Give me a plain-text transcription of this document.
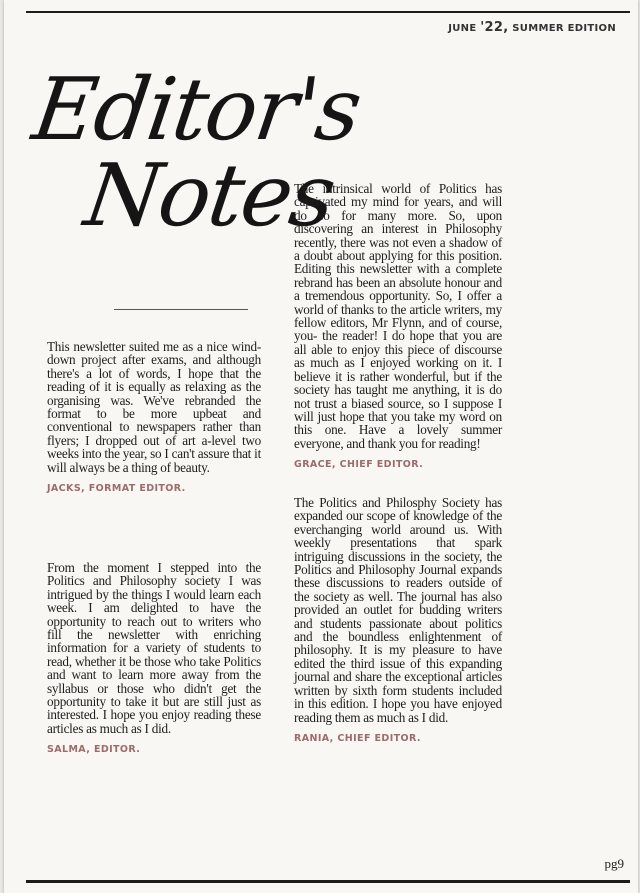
JUNE '22, SUMMER EDITION
Editor's
Notes
This newsletter suited me as a nice wind-down project after exams, and although there's a lot of words, I hope that the reading of it is equally as relaxing as the organising was. We've rebranded the format to be more upbeat and conventional to newspapers rather than flyers; I dropped out of art a-level two weeks into the year, so I can't assure that it will always be a thing of beauty.
JACKS, FORMAT EDITOR.
From the moment I stepped into the Politics and Philosophy society I was intrigued by the things I would learn each week. I am delighted to have the opportunity to reach out to writers who fill the newsletter with enriching information for a variety of students to read, whether it be those who take Politics and want to learn more away from the syllabus or those who didn't get the opportunity to take it but are still just as interested. I hope you enjoy reading these articles as much as I did.
SALMA, EDITOR.
The intrinsical world of Politics has captivated my mind for years, and will do so for many more. So, upon discovering an interest in Philosophy recently, there was not even a shadow of a doubt about applying for this position. Editing this newsletter with a complete rebrand has been an absolute honour and a tremendous opportunity. So, I offer a world of thanks to the article writers, my fellow editors, Mr Flynn, and of course, you- the reader! I do hope that you are all able to enjoy this piece of discourse as much as I enjoyed working on it. I believe it is rather wonderful, but if the society has taught me anything, it is do not trust a biased source, so I suppose I will just hope that you take my word on this one. Have a lovely summer everyone, and thank you for reading!
GRACE, CHIEF EDITOR.
The Politics and Philosphy Society has expanded our scope of knowledge of the everchanging world around us. With weekly presentations that spark intriguing discussions in the society, the Politics and Philosophy Journal expands these discussions to readers outside of the society as well. The journal has also provided an outlet for budding writers and students passionate about politics and the boundless enlightenment of philosophy. It is my pleasure to have edited the third issue of this expanding journal and share the exceptional articles written by sixth form students included in this edition. I hope you have enjoyed reading them as much as I did.
RANIA, CHIEF EDITOR.
pg9
